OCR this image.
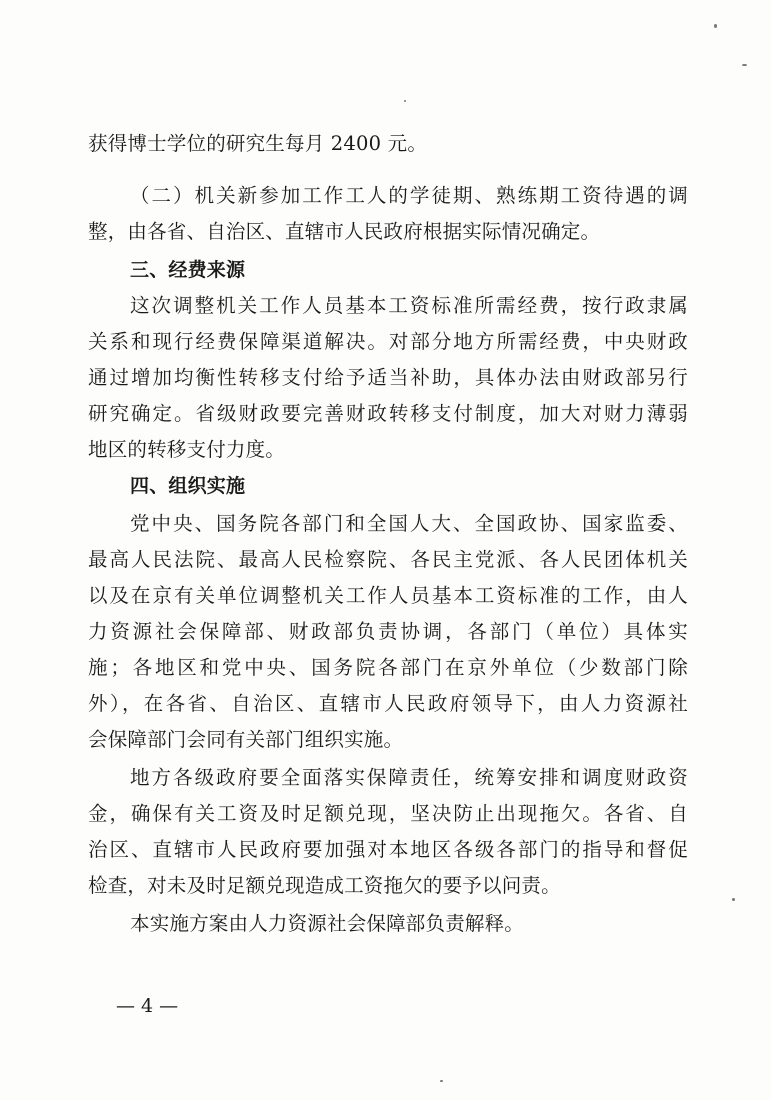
获得博士学位的研究生每月 2400 元。
（二）机关新参加工作工人的学徒期、熟练期工资待遇的调
整，由各省、自治区、直辖市人民政府根据实际情况确定。
三、经费来源
这次调整机关工作人员基本工资标准所需经费，按行政隶属
关系和现行经费保障渠道解决。对部分地方所需经费，中央财政
通过增加均衡性转移支付给予适当补助，具体办法由财政部另行
研究确定。省级财政要完善财政转移支付制度，加大对财力薄弱
地区的转移支付力度。
四、组织实施
党中央、国务院各部门和全国人大、全国政协、国家监委、
最高人民法院、最高人民检察院、各民主党派、各人民团体机关
以及在京有关单位调整机关工作人员基本工资标准的工作，由人
力资源社会保障部、财政部负责协调，各部门（单位）具体实
施；各地区和党中央、国务院各部门在京外单位（少数部门除
外），在各省、自治区、直辖市人民政府领导下，由人力资源社
会保障部门会同有关部门组织实施。
地方各级政府要全面落实保障责任，统筹安排和调度财政资
金，确保有关工资及时足额兑现，坚决防止出现拖欠。各省、自
治区、直辖市人民政府要加强对本地区各级各部门的指导和督促
检查，对未及时足额兑现造成工资拖欠的要予以问责。
本实施方案由人力资源社会保障部负责解释。
— 4 —
